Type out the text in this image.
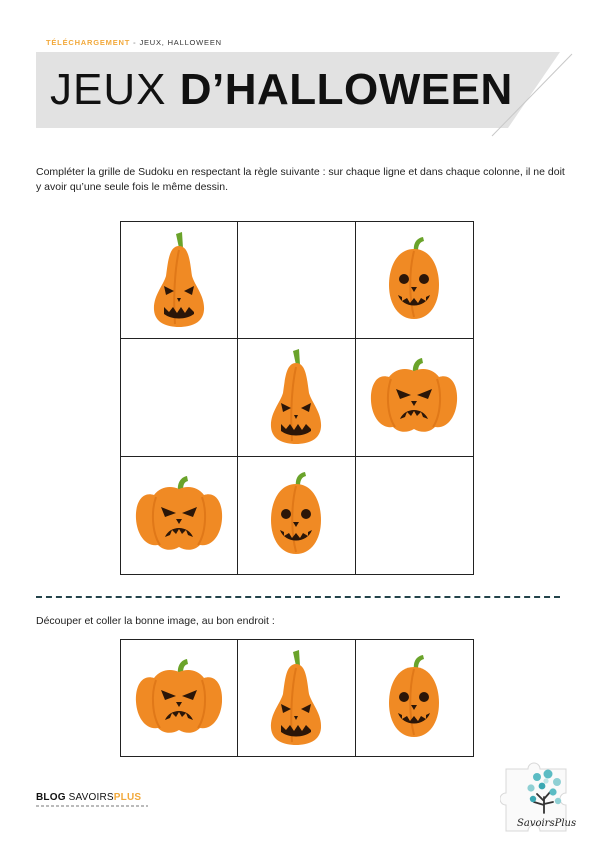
TÉLÉCHARGEMENT - JEUX, HALLOWEEN
JEUX D’HALLOWEEN

Compléter la grille de Sudoku en respectant la règle suivante : sur chaque ligne et dans chaque colonne, il ne doit y avoir qu’une seule fois le même dessin.

Découper et coller la bonne image, au bon endroit :

BLOG SAVOIRSPLUS
SavoirsPlus
